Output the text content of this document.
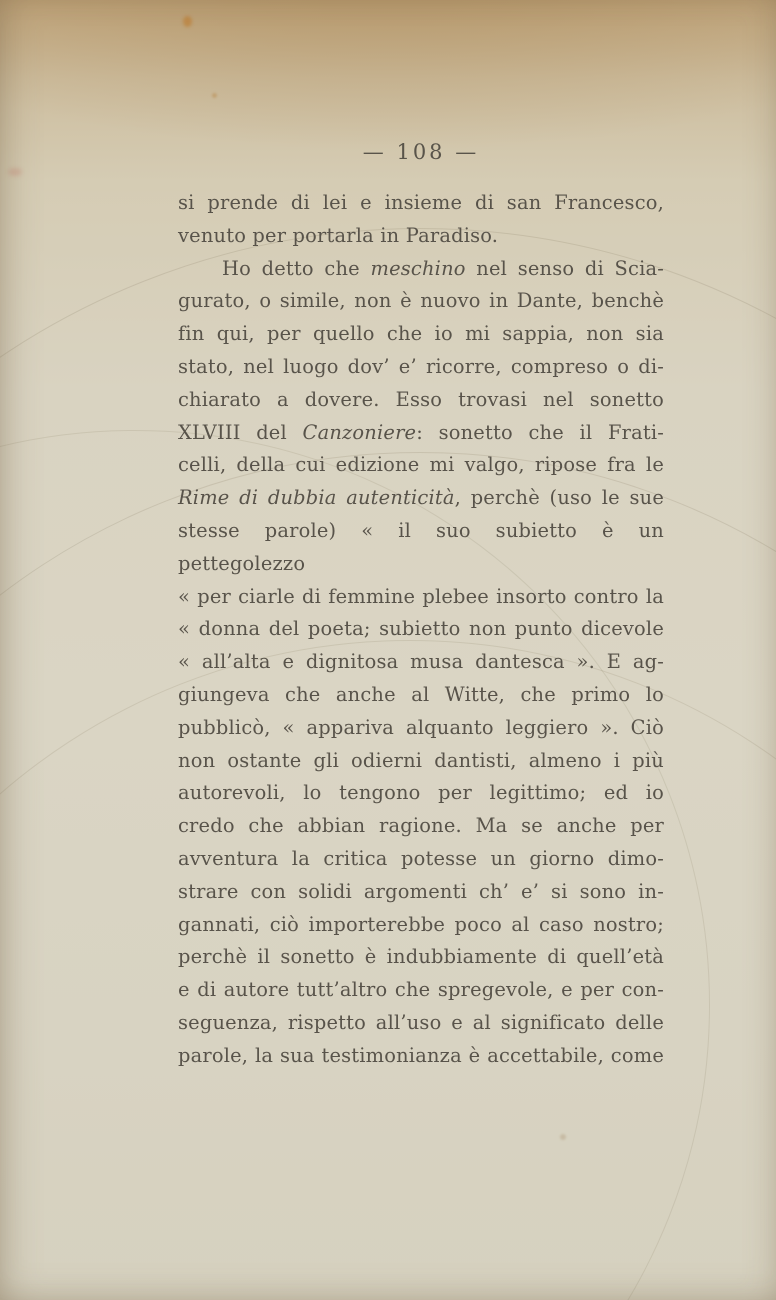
— 108 —
si prende di lei e insieme di san Francesco,
venuto per portarla in Paradiso.
Ho detto che meschino nel senso di Scia-
gurato, o simile, non è nuovo in Dante, benchè
fin qui, per quello che io mi sappia, non sia
stato, nel luogo dov’ e’ ricorre, compreso o di-
chiarato a dovere. Esso trovasi nel sonetto
XLVIII del Canzoniere: sonetto che il Frati-
celli, della cui edizione mi valgo, ripose fra le
Rime di dubbia autenticità, perchè (uso le sue
stesse parole) « il suo subietto è un pettegolezzo
« per ciarle di femmine plebee insorto contro la
« donna del poeta; subietto non punto dicevole
« all’alta e dignitosa musa dantesca ». E ag-
giungeva che anche al Witte, che primo lo
pubblicò, « appariva alquanto leggiero ». Ciò
non ostante gli odierni dantisti, almeno i più
autorevoli, lo tengono per legittimo; ed io
credo che abbian ragione. Ma se anche per
avventura la critica potesse un giorno dimo-
strare con solidi argomenti ch’ e’ si sono in-
gannati, ciò importerebbe poco al caso nostro;
perchè il sonetto è indubbiamente di quell’età
e di autore tutt’altro che spregevole, e per con-
seguenza, rispetto all’uso e al significato delle
parole, la sua testimonianza è accettabile, come
